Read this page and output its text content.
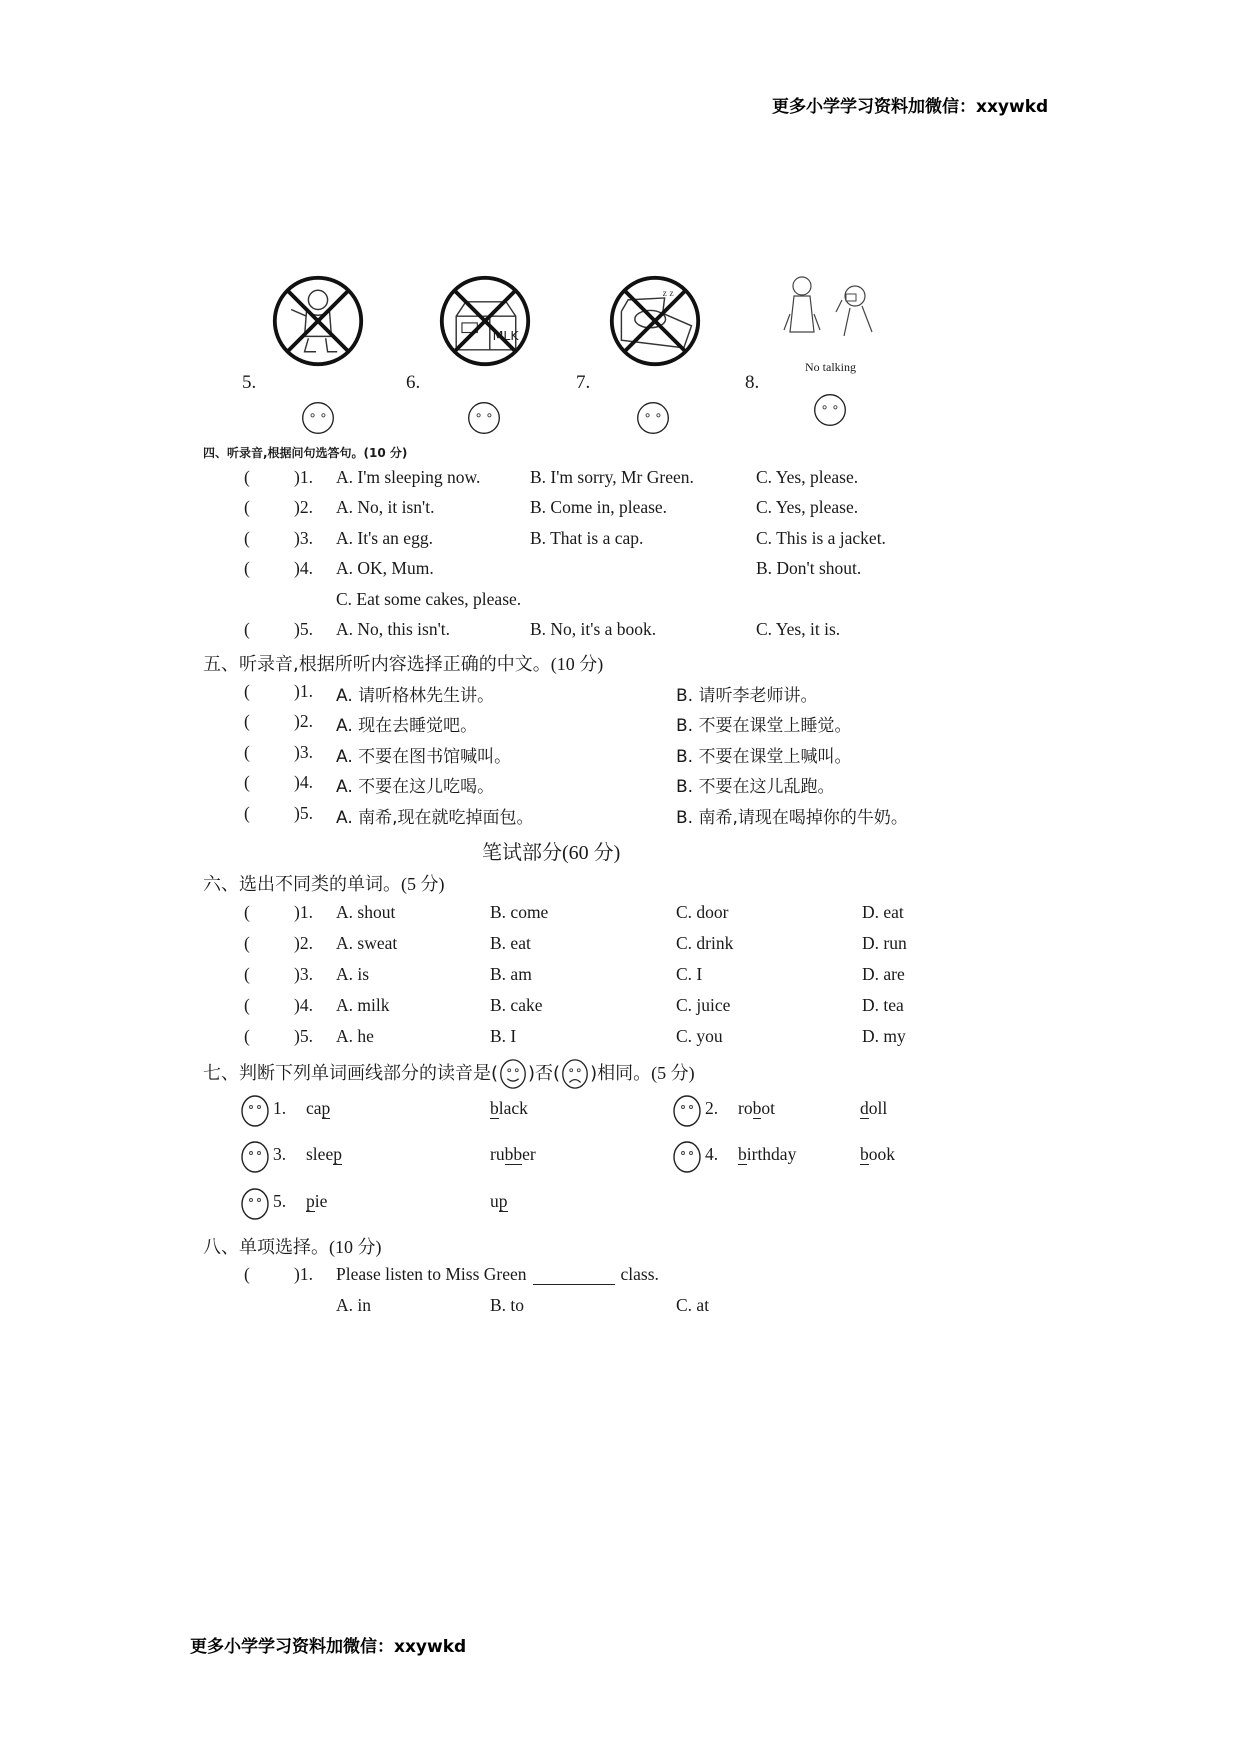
更多小学学习资料加微信：xxywkd
更多小学学习资料加微信：xxywkd
5.
MLK
6.
z z
7.
No talking
8.
四、听录音,根据问句选答句。(10 分)
(	)1. A. I'm sleeping now.	B. I'm sorry, Mr Green.	C. Yes, please.
(	)2. A. No, it isn't.	B. Come in, please.	C. Yes, please.
(	)3. A. It's an egg.	B. That is a cap.	C. This is a jacket.
(	)4. A. OK, Mum.	B. Don't shout.
C. Eat some cakes, please.
(	)5. A. No, this isn't.	B. No, it's a book.	C. Yes, it is.
五、听录音,根据所听内容选择正确的中文。(10 分)
(	)1. A. 请听格林先生讲。	B. 请听李老师讲。
(	)2. A. 现在去睡觉吧。	B. 不要在课堂上睡觉。
(	)3. A. 不要在图书馆喊叫。	B. 不要在课堂上喊叫。
(	)4. A. 不要在这儿吃喝。	B. 不要在这儿乱跑。
(	)5. A. 南希,现在就吃掉面包。	B. 南希,请现在喝掉你的牛奶。
笔试部分(60 分)
六、选出不同类的单词。(5 分)
(	)1. A. shout	B. come	C. door	D. eat
(	)2. A. sweat	B. eat	C. drink	D. run
(	)3. A. is	B. am	C. I	D. are
(	)4. A. milk	B. cake	C. juice	D. tea
(	)5. A. he	B. I	C. you	D. my
七、判断下列单词画线部分的读音是( )否( )相同。(5 分)
1. cap	black	2. robot	doll
3. sleep	rubber	4. birthday	book
5. pie	up
八、单项选择。(10 分)
(	)1. Please listen to Miss Green	class.
A. in	B. to	C. at
